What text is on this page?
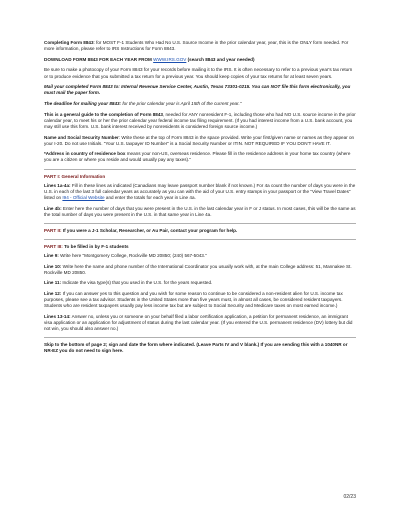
Completing Form 8843: for MOST F-1 Students Who Had No U.S. Source Income in the prior calendar year, year, this is the ONLY form needed. For more information, please refer to IRS Instructions for Form 8843.

DOWNLOAD FORM 8843 FOR EACH YEAR FROM WWW.IRS.GOV (search 8843 and year needed)

Be sure to make a photocopy of your Form 8843 for your records before mailing it to the IRS. It is often necessary to refer to a previous year's tax return or to produce evidence that you submitted a tax return for a previous year. You should keep copies of your tax returns for at least seven years.

Mail your completed Form 8843 to: Internal Revenue Service Center, Austin, Texas 73301-0215. You can NOT file this form electronically, you must mail the paper form.

The deadline for mailing your 8843: for the prior calendar year is April 15th of the current year."

This is a general guide to the completion of Form 8843, needed for ANY nonresident F-1, including those who had NO U.S. source income in the prior calendar year, to meet his or her the prior calendar year federal income tax filing requirement. (If you had interest income from a U.S. bank account, you may still use this form. U.S. bank interest received by nonresidents is considered foreign source income.)

Name and Social Security Number: Write these at the top of Form 8843 in the space provided. Write your first/given name or names as they appear on your I-20. Do not use Initials. "Your U.S. taxpayer ID Number" is a Social Security Number or ITIN. NOT REQUIRED IF YOU DON'T HAVE IT.

*Address in country of residence box means your non-US, overseas residence. Please fill in the residence address in your home tax country (where you are a citizen or where you reside and would usually pay any taxes)."

PART I: General Information

Lines 1a-4a: Fill in these lines as indicated (Canadians may leave passport number blank if not known.) For 4a count the number of days you were in the U.S. in each of the last 3 full calendar years as accurately as you can with the aid of your U.S. entry stamps in your passport or the "View Travel Dates" listed on I94 - Official Website and enter the totals for each year in Line 4a.

Line 4b: Enter here the number of days that you were present in the U.S. in the last calendar year in F or J status. In most cases, this will be the same as the total number of days you were present in the U.S. in that same year in Line 4a.

PART II: If you were a J-1 Scholar, Researcher, or Au Pair, contact your program for help.

PART III: To be filled in by F-1 students

Line 9: Write here "Montgomery College, Rockville MD 20850; (240) 567-5043."

Line 10: Write here the name and phone number of the International Coordinator you usually work with, at the main College address: 51, Mannakee St. Rockville MD 20850.

Line 11: Indicate the visa type(s) that you used in the U.S. for the years requested.

Line 12: If you can answer yes to this question and you wish for some reason to continue to be considered a non-resident alien for U.S. income tax purposes, please see a tax advisor. Students in the United States more than five years must, in almost all cases, be considered resident taxpayers. Students who are resident taxpayers usually pay less income tax but are subject to Social Security and Medicare taxes on most earned income.)

Lines 13-14: Answer no, unless you or someone on your behalf filed a labor certification application, a petition for permanent residence, an immigrant visa application or an application for adjustment of status during the last calendar year. (If you entered the U.S. permanent residence (DV) lottery but did not win, you should also answer no.)

Skip to the bottom of page 2; sign and date the form where indicated. (Leave Parts IV and V blank.) If you are sending this with a 1040NR or NR-EZ you do not need to sign here.

02/23
